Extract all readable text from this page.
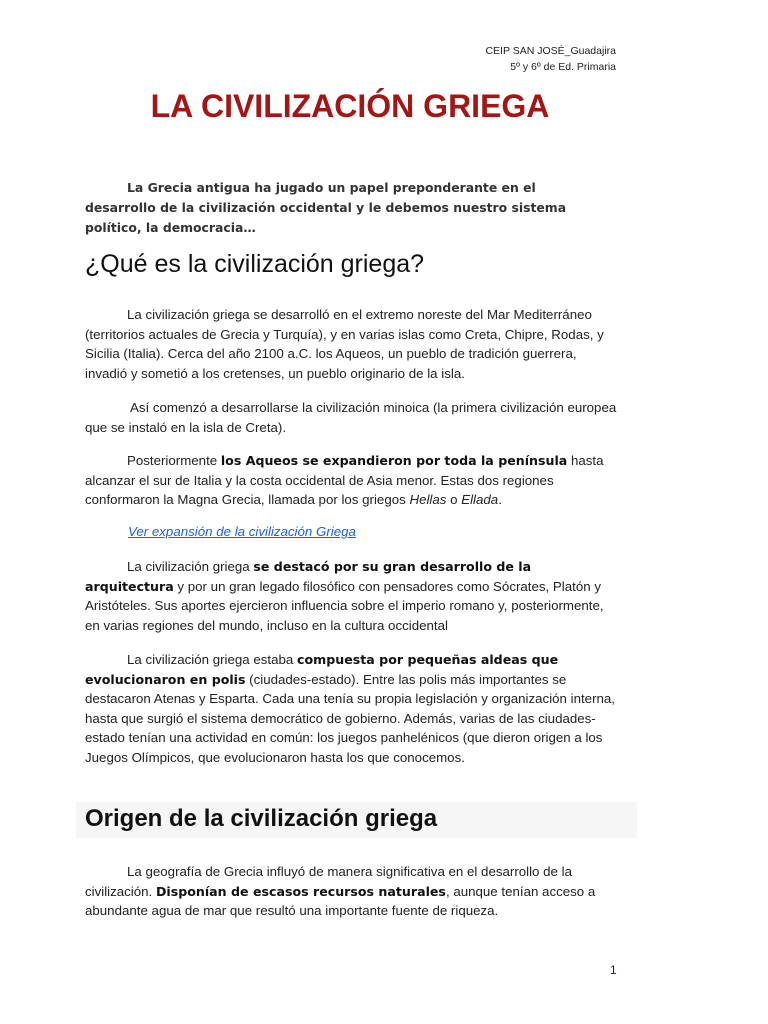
CEIP SAN JOSÉ_Guadajira
5º y 6º de Ed. Primaria
LA CIVILIZACIÓN GRIEGA
La Grecia antigua ha jugado un papel preponderante en el desarrollo de la civilización occidental y le debemos nuestro sistema político, la democracia…
¿Qué es la civilización griega?
La civilización griega se desarrolló en el extremo noreste del Mar Mediterráneo (territorios actuales de Grecia y Turquía), y en varias islas como Creta, Chipre, Rodas, y Sicilia (Italia). Cerca del año 2100 a.C. los Aqueos, un pueblo de tradición guerrera, invadió y sometió a los cretenses, un pueblo originario de la isla.
Así comenzó a desarrollarse la civilización minoica (la primera civilización europea que se instaló en la isla de Creta).
Posteriormente los Aqueos se expandieron por toda la península hasta alcanzar el sur de Italia y la costa occidental de Asia menor. Estas dos regiones conformaron la Magna Grecia, llamada por los griegos Hellas o Ellada.
Ver expansión de la civilización Griega
La civilización griega se destacó por su gran desarrollo de la arquitectura y por un gran legado filosófico con pensadores como Sócrates, Platón y Aristóteles. Sus aportes ejercieron influencia sobre el imperio romano y, posteriormente, en varias regiones del mundo, incluso en la cultura occidental
La civilización griega estaba compuesta por pequeñas aldeas que evolucionaron en polis (ciudades-estado). Entre las polis más importantes se destacaron Atenas y Esparta. Cada una tenía su propia legislación y organización interna, hasta que surgió el sistema democrático de gobierno. Además, varias de las ciudades-estado tenían una actividad en común: los juegos panhelénicos (que dieron origen a los Juegos Olímpicos, que evolucionaron hasta los que conocemos.
Origen de la civilización griega
La geografía de Grecia influyó de manera significativa en el desarrollo de la civilización. Disponían de escasos recursos naturales, aunque tenían acceso a abundante agua de mar que resultó una importante fuente de riqueza.
1
